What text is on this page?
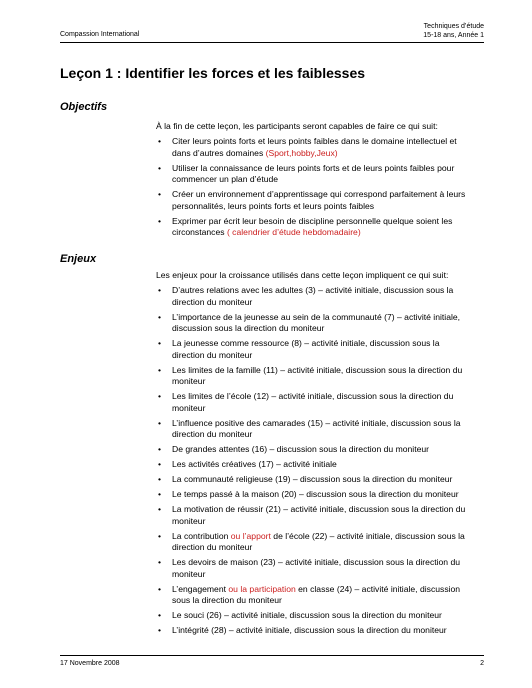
Compassion International
Techniques d’étude
15-18 ans, Année 1
Leçon 1 : Identifier les forces et les faiblesses
Objectifs
À la fin de cette leçon, les participants seront capables de faire ce qui suit:
• Citer leurs points forts et leurs points faibles dans le domaine intellectuel et dans d’autres domaines (Sport,hobby,Jeux)
• Utiliser la connaissance de leurs points forts et de leurs points faibles pour commencer un plan d’étude
• Créer un environnement d’apprentissage qui correspond parfaitement à leurs personnalités, leurs points forts et leurs points faibles
• Exprimer par écrit leur besoin de discipline personnelle quelque soient les circonstances ( calendrier d’étude hebdomadaire)
Enjeux
Les enjeux pour la croissance utilisés dans cette leçon impliquent ce qui suit:
• D’autres relations avec les adultes (3) – activité initiale, discussion sous la direction du moniteur
• L’importance de la jeunesse au sein de la communauté (7) – activité initiale, discussion sous la direction du moniteur
• La jeunesse comme ressource (8) – activité initiale, discussion sous la direction du moniteur
• Les limites de la famille (11) – activité initiale, discussion sous la direction du moniteur
• Les limites de l’école (12) – activité initiale, discussion sous la direction du moniteur
• L’influence positive des camarades (15) – activité initiale, discussion sous la direction du moniteur
• De grandes attentes (16) – discussion sous la direction du moniteur
• Les activités créatives (17) – activité initiale
• La communauté religieuse (19) – discussion sous la direction du moniteur
• Le temps passé à la maison (20) – discussion sous la direction du moniteur
• La motivation de réussir (21) – activité initiale, discussion sous la direction du moniteur
• La contribution ou l’apport de l’école (22) – activité initiale, discussion sous la direction du moniteur
• Les devoirs de maison (23) – activité initiale, discussion sous la direction du moniteur
• L’engagement ou la participation en classe (24) – activité initiale, discussion sous la direction du moniteur
• Le souci (26) – activité initiale, discussion sous la direction du moniteur
• L’intégrité (28) – activité initiale, discussion sous la direction du moniteur
17 Novembre 2008	2
